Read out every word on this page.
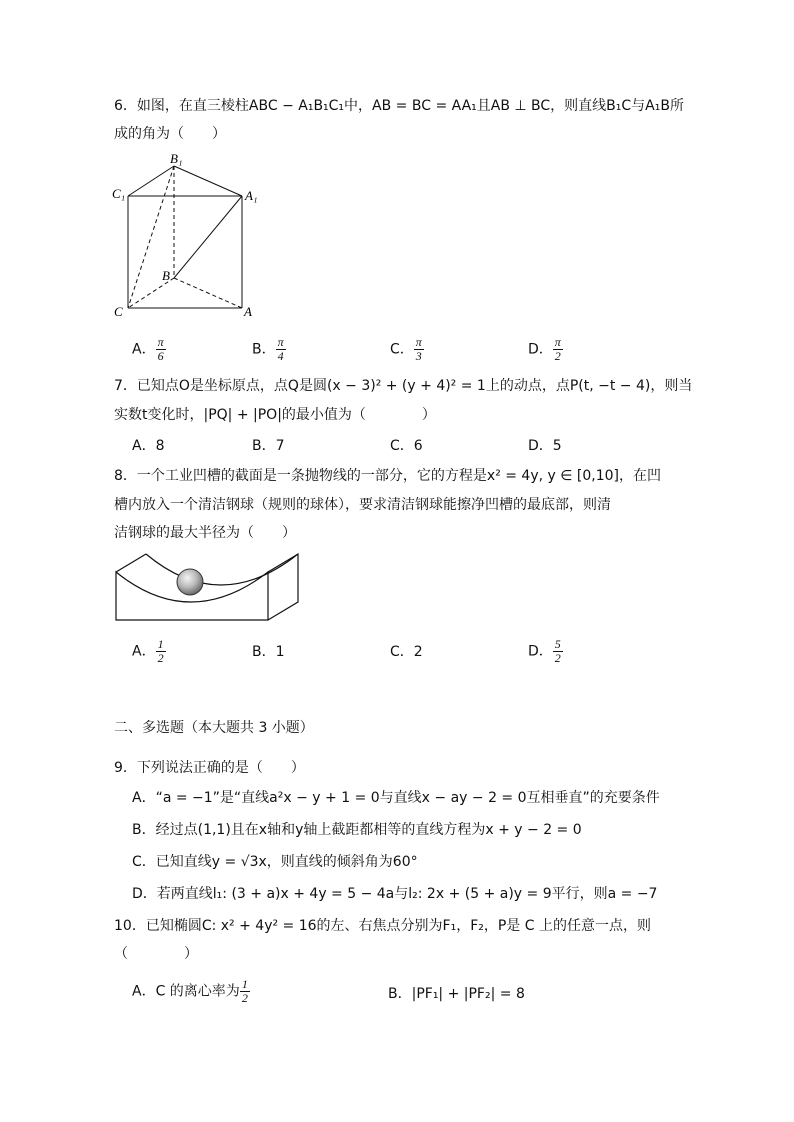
6．如图，在直三棱柱ABC − A₁B₁C₁中，AB = BC = AA₁且AB ⊥ BC，则直线B₁C与A₁B所
成的角为（　　）
B₁
C₁	A₁
B
C	A
A． $\frac{\pi}{6}$	B． $\frac{\pi}{4}$	C． $\frac{\pi}{3}$	D． $\frac{\pi}{2}$
7．已知点O是坐标原点，点Q是圆(x − 3)² + (y + 4)² = 1上的动点，点P(t, −t − 4)，则当
实数t变化时，|PQ| + |PO|的最小值为（　　　　）
A．8	B．7	C．6	D．5
8．一个工业凹槽的截面是一条抛物线的一部分，它的方程是x² = 4y, y ∈ [0,10]，在凹
槽内放入一个清洁钢球（规则的球体），要求清洁钢球能擦净凹槽的最底部，则清
洁钢球的最大半径为（　　）
A． $\frac{1}{2}$	B．1	C．2	D． $\frac{5}{2}$
二、多选题（本大题共 3 小题）
9．下列说法正确的是（　　）
A．“a = −1”是“直线a²x − y + 1 = 0与直线x − ay − 2 = 0互相垂直”的充要条件
B．经过点(1,1)且在x轴和y轴上截距都相等的直线方程为x + y − 2 = 0
C．已知直线y = √3x，则直线的倾斜角为60°
D．若两直线l₁: (3 + a)x + 4y = 5 − 4a与l₂: 2x + (5 + a)y = 9平行，则a = −7
10．已知椭圆C: x² + 4y² = 16的左、右焦点分别为F₁，F₂，P是 C 上的任意一点，则
（　　　　）
A．C 的离心率为 $\frac{1}{2}$	B．|PF₁| + |PF₂| = 8
